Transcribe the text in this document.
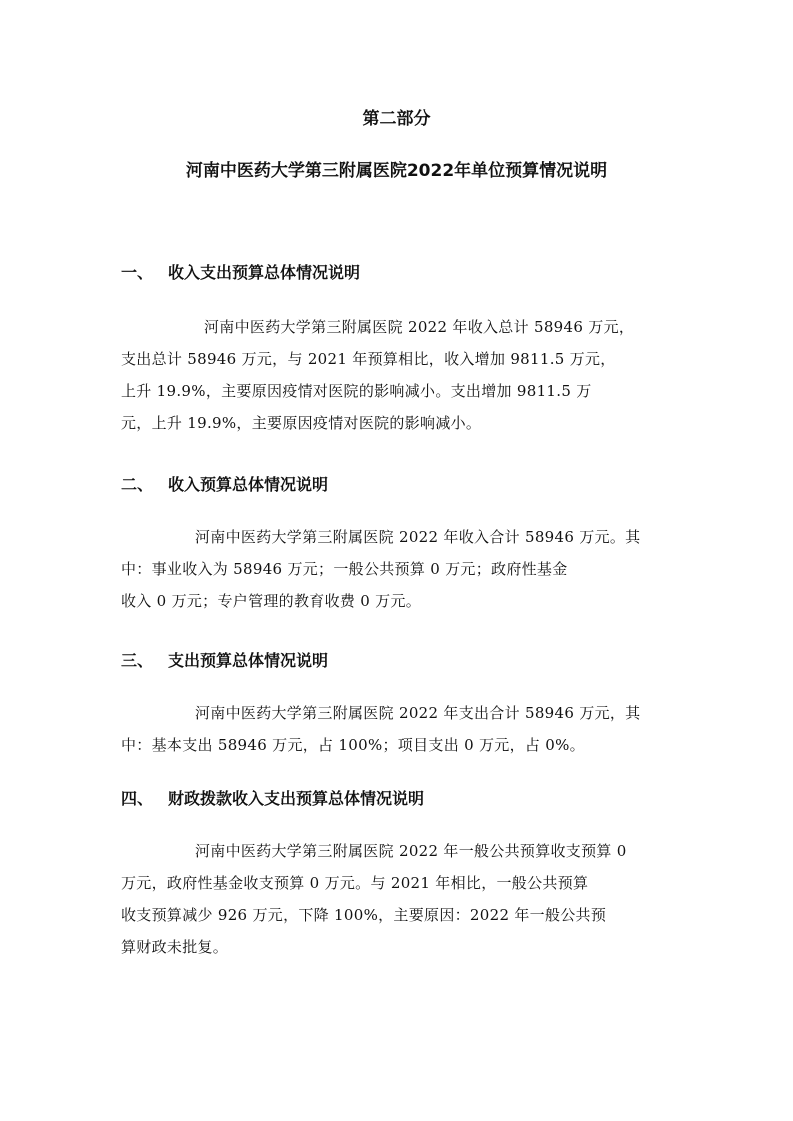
第二部分
河南中医药大学第三附属医院2022年单位预算情况说明
一、 收入支出预算总体情况说明
河南中医药大学第三附属医院 2022 年收入总计 58946 万元，
支出总计 58946 万元，与 2021 年预算相比，收入增加 9811.5 万元，
上升 19.9%，主要原因疫情对医院的影响减小。支出增加 9811.5 万
元，上升 19.9%，主要原因疫情对医院的影响减小。
二、 收入预算总体情况说明
河南中医药大学第三附属医院 2022 年收入合计 58946 万元。其
中：事业收入为 58946 万元；一般公共预算 0 万元；政府性基金
收入 0 万元；专户管理的教育收费 0 万元。
三、 支出预算总体情况说明
河南中医药大学第三附属医院 2022 年支出合计 58946 万元，其
中：基本支出 58946 万元，占 100%；项目支出 0 万元，占 0%。
四、 财政拨款收入支出预算总体情况说明
河南中医药大学第三附属医院 2022 年一般公共预算收支预算 0
万元，政府性基金收支预算 0 万元。与 2021 年相比，一般公共预算
收支预算减少 926 万元，下降 100%，主要原因：2022 年一般公共预
算财政未批复。
